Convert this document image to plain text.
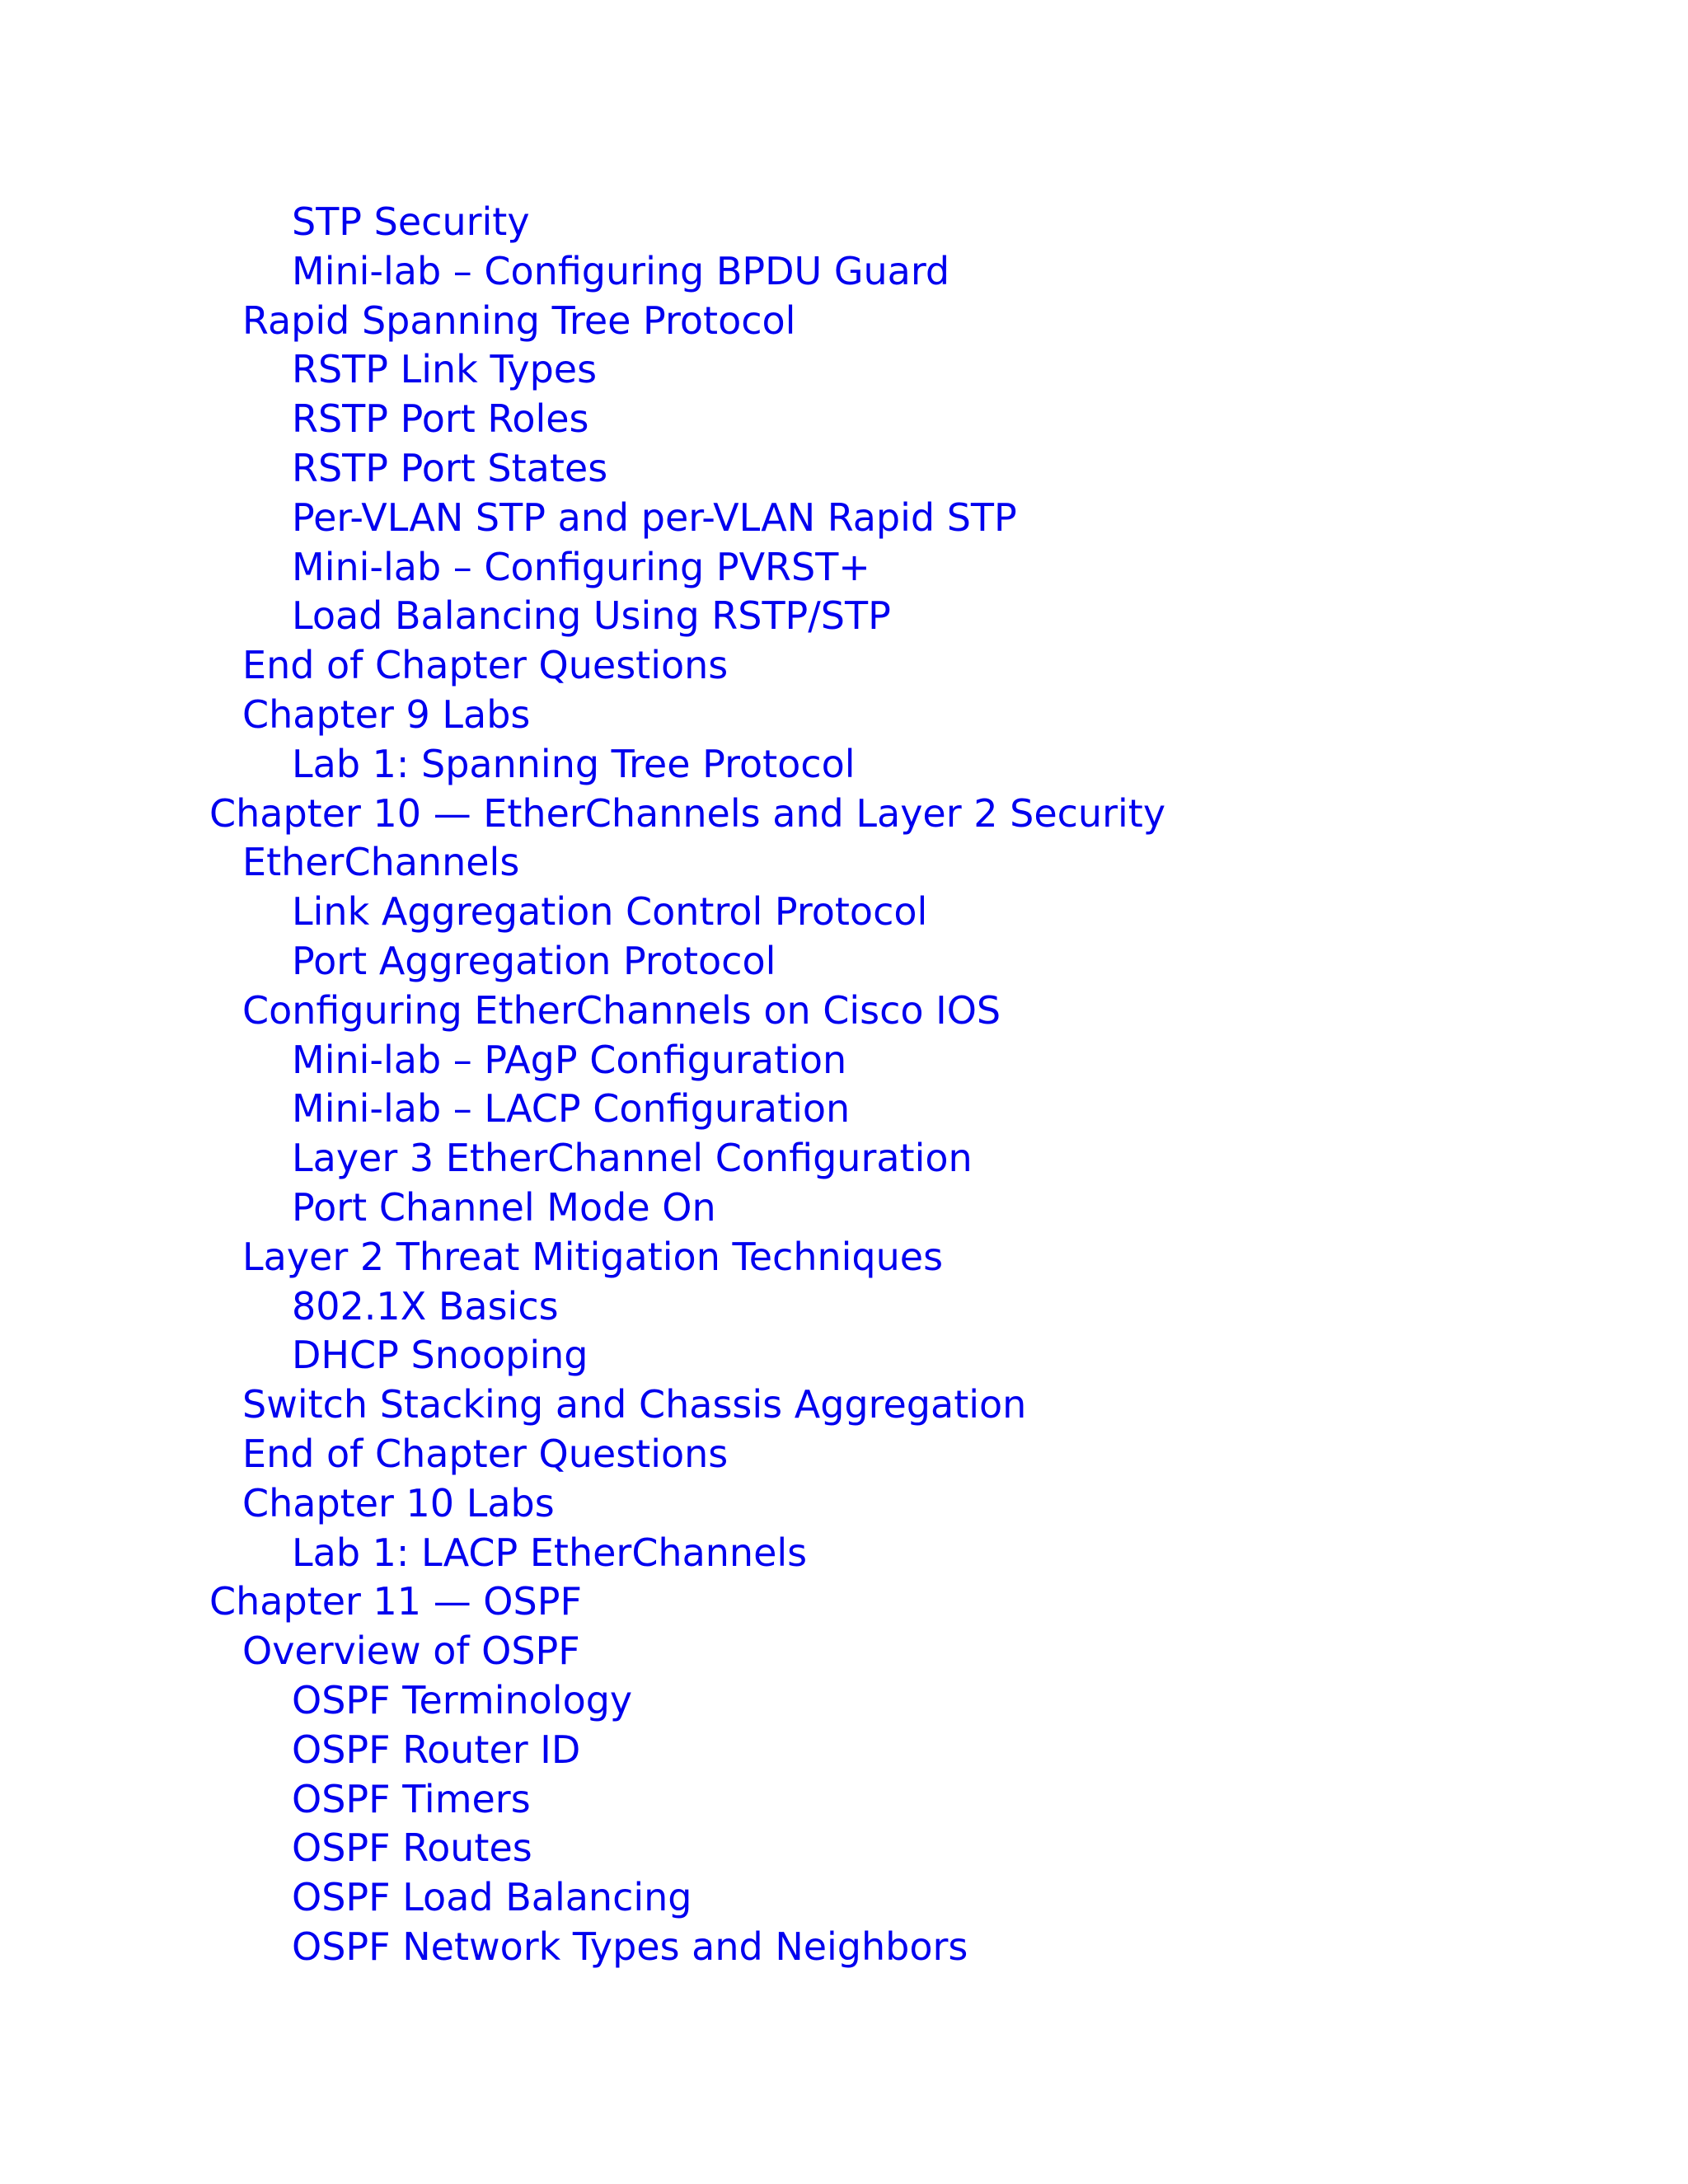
STP Security
Mini-lab – Configuring BPDU Guard
Rapid Spanning Tree Protocol
RSTP Link Types
RSTP Port Roles
RSTP Port States
Per-VLAN STP and per-VLAN Rapid STP
Mini-lab – Configuring PVRST+
Load Balancing Using RSTP/STP
End of Chapter Questions
Chapter 9 Labs
Lab 1: Spanning Tree Protocol
Chapter 10 — EtherChannels and Layer 2 Security
EtherChannels
Link Aggregation Control Protocol
Port Aggregation Protocol
Configuring EtherChannels on Cisco IOS
Mini-lab – PAgP Configuration
Mini-lab – LACP Configuration
Layer 3 EtherChannel Configuration
Port Channel Mode On
Layer 2 Threat Mitigation Techniques
802.1X Basics
DHCP Snooping
Switch Stacking and Chassis Aggregation
End of Chapter Questions
Chapter 10 Labs
Lab 1: LACP EtherChannels
Chapter 11 — OSPF
Overview of OSPF
OSPF Terminology
OSPF Router ID
OSPF Timers
OSPF Routes
OSPF Load Balancing
OSPF Network Types and Neighbors
